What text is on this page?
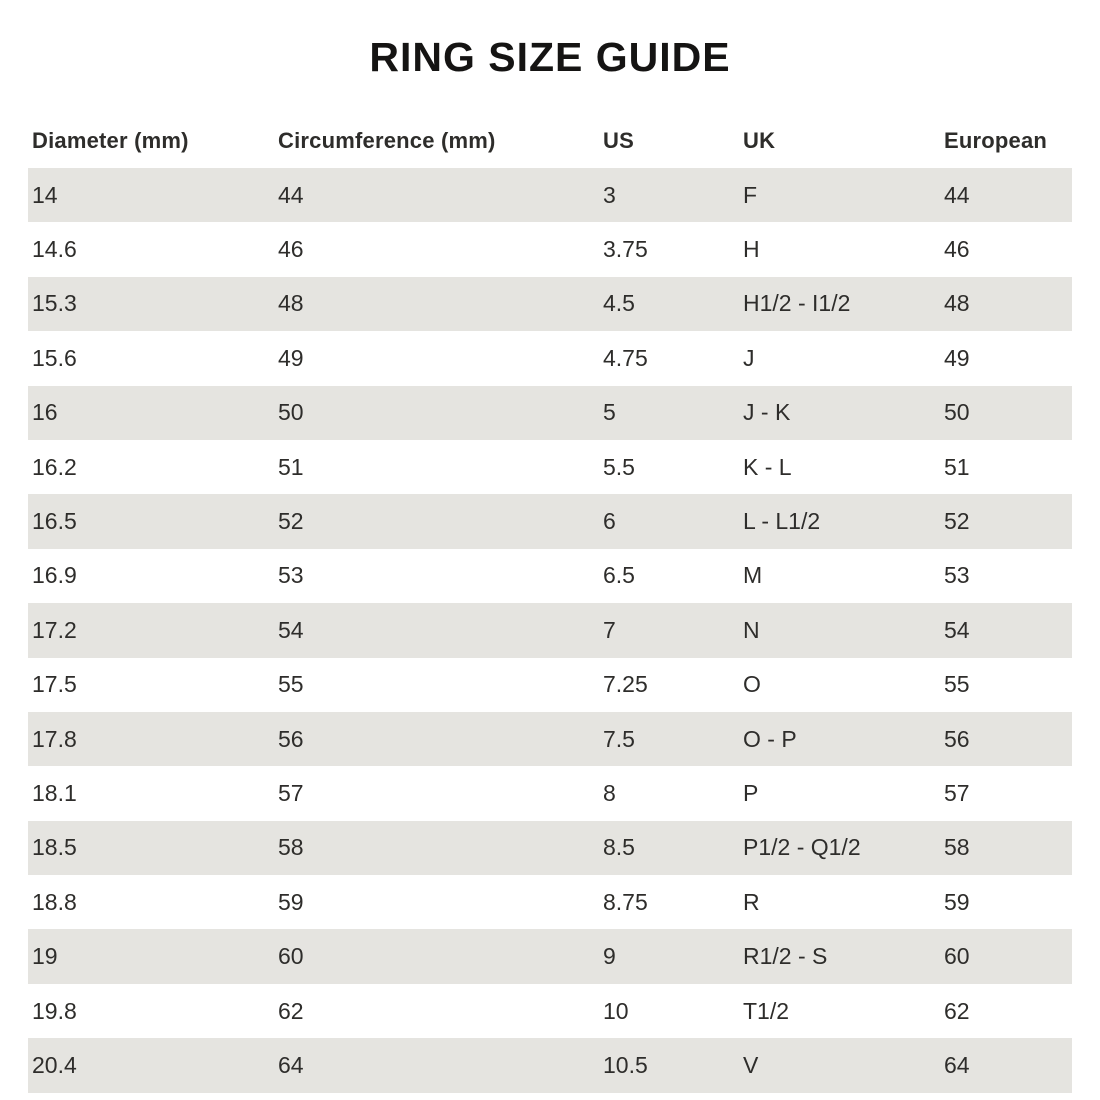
RING SIZE GUIDE
Diameter (mm)	Circumference (mm)	US	UK	European
14	44	3	F	44
14.6	46	3.75	H	46
15.3	48	4.5	H1/2 - I1/2	48
15.6	49	4.75	J	49
16	50	5	J - K	50
16.2	51	5.5	K - L	51
16.5	52	6	L - L1/2	52
16.9	53	6.5	M	53
17.2	54	7	N	54
17.5	55	7.25	O	55
17.8	56	7.5	O - P	56
18.1	57	8	P	57
18.5	58	8.5	P1/2 - Q1/2	58
18.8	59	8.75	R	59
19	60	9	R1/2 - S	60
19.8	62	10	T1/2	62
20.4	64	10.5	V	64
